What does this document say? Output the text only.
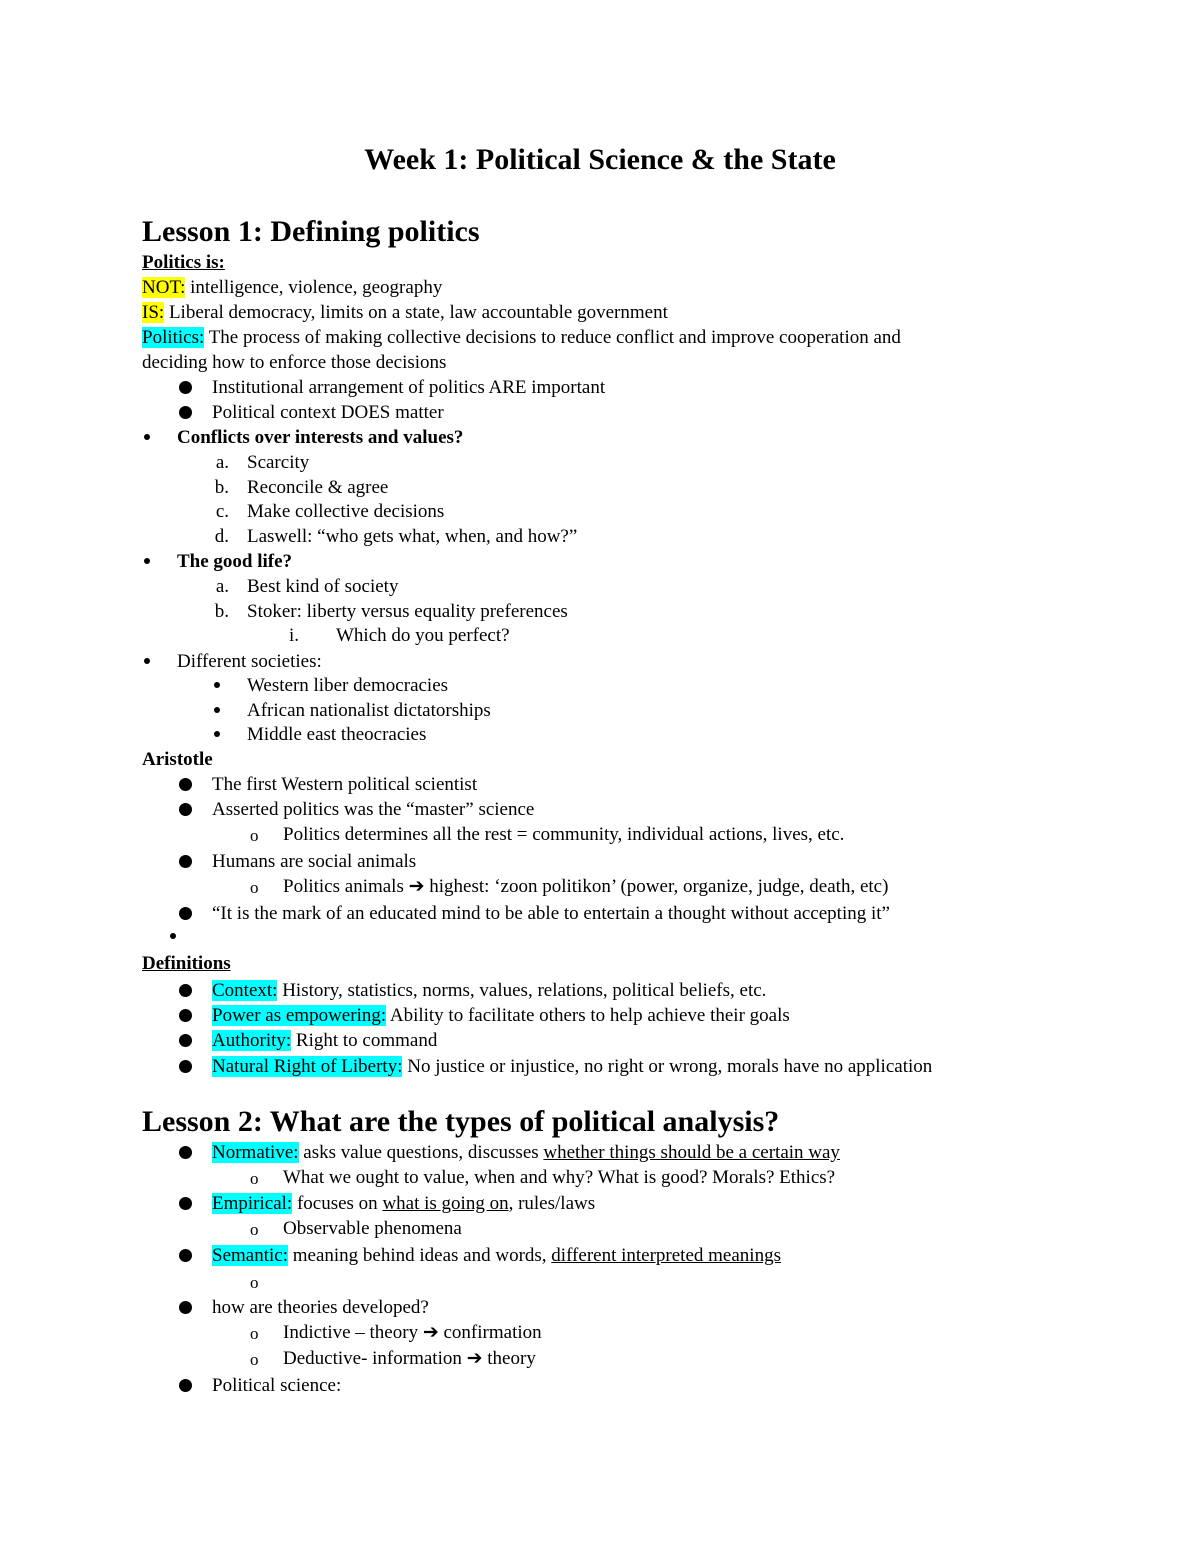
Week 1: Political Science & the State
Lesson 1: Defining politics
Politics is:
NOT: intelligence, violence, geography
IS: Liberal democracy, limits on a state, law accountable government
Politics: The process of making collective decisions to reduce conflict and improve cooperation and
deciding how to enforce those decisions
Institutional arrangement of politics ARE important
Political context DOES matter
Conflicts over interests and values?
a. Scarcity
b. Reconcile & agree
c. Make collective decisions
d. Laswell: “who gets what, when, and how?”
The good life?
a. Best kind of society
b. Stoker: liberty versus equality preferences
i. Which do you perfect?
Different societies:
Western liber democracies
African nationalist dictatorships
Middle east theocracies
Aristotle
The first Western political scientist
Asserted politics was the “master” science
o Politics determines all the rest = community, individual actions, lives, etc.
Humans are social animals
o Politics animals ➔ highest: ‘zoon politikon’ (power, organize, judge, death, etc)
“It is the mark of an educated mind to be able to entertain a thought without accepting it”
Definitions
Context: History, statistics, norms, values, relations, political beliefs, etc.
Power as empowering: Ability to facilitate others to help achieve their goals
Authority: Right to command
Natural Right of Liberty: No justice or injustice, no right or wrong, morals have no application
Lesson 2: What are the types of political analysis?
Normative: asks value questions, discusses whether things should be a certain way
o What we ought to value, when and why? What is good? Morals? Ethics?
Empirical: focuses on what is going on, rules/laws
o Observable phenomena
Semantic: meaning behind ideas and words, different interpreted meanings
o
how are theories developed?
o Indictive – theory ➔ confirmation
o Deductive- information ➔ theory
Political science:
